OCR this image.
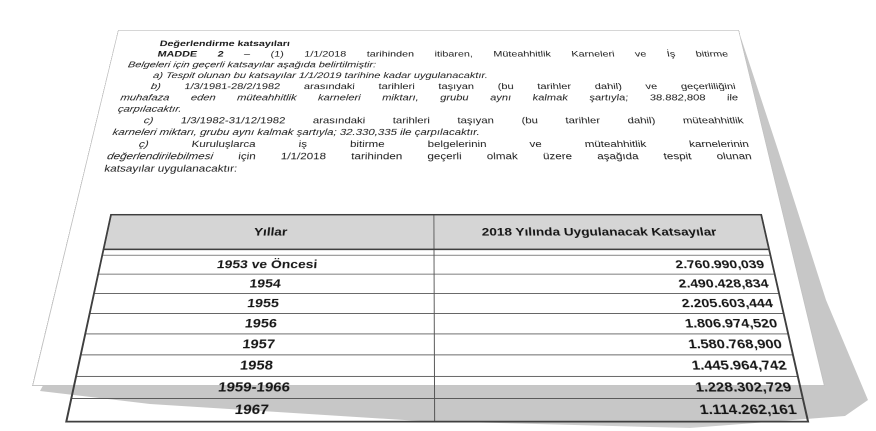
Değerlendirme katsayıları
MADDE 2 – (1) 1/1/2018 tarihinden itibaren, Müteahhitlik Karneleri ve İş bitirme
Belgeleri için geçerli katsayılar aşağıda belirtilmiştir:
a) Tespit olunan bu katsayılar 1/1/2019 tarihine kadar uygulanacaktır.
b) 1/3/1981-28/2/1982 arasındaki tarihleri taşıyan (bu tarihler dahil) ve geçerliliğini
muhafaza eden müteahhitlik karneleri miktarı, grubu aynı kalmak şartıyla; 38.882,808 ile
çarpılacaktır.
c) 1/3/1982-31/12/1982 arasındaki tarihleri taşıyan (bu tarihler dahil) müteahhitlik
karneleri miktarı, grubu aynı kalmak şartıyla; 32.330,335 ile çarpılacaktır.
ç) Kuruluşlarca iş bitirme belgelerinin ve müteahhitlik karnelerinin
değerlendirilebilmesi için 1/1/2018 tarihinden geçerli olmak üzere aşağıda tespit olunan
katsayılar uygulanacaktır:
Yıllar	2018 Yılında Uygulanacak Katsayılar

1953 ve Öncesi	2.760.990,039
1954	2.490.428,834
1955	2.205.603,444
1956	1.806.974,520
1957	1.580.768,900
1958	1.445.964,742
1959-1966	1.228.302,729
1967	1.114.262,161
